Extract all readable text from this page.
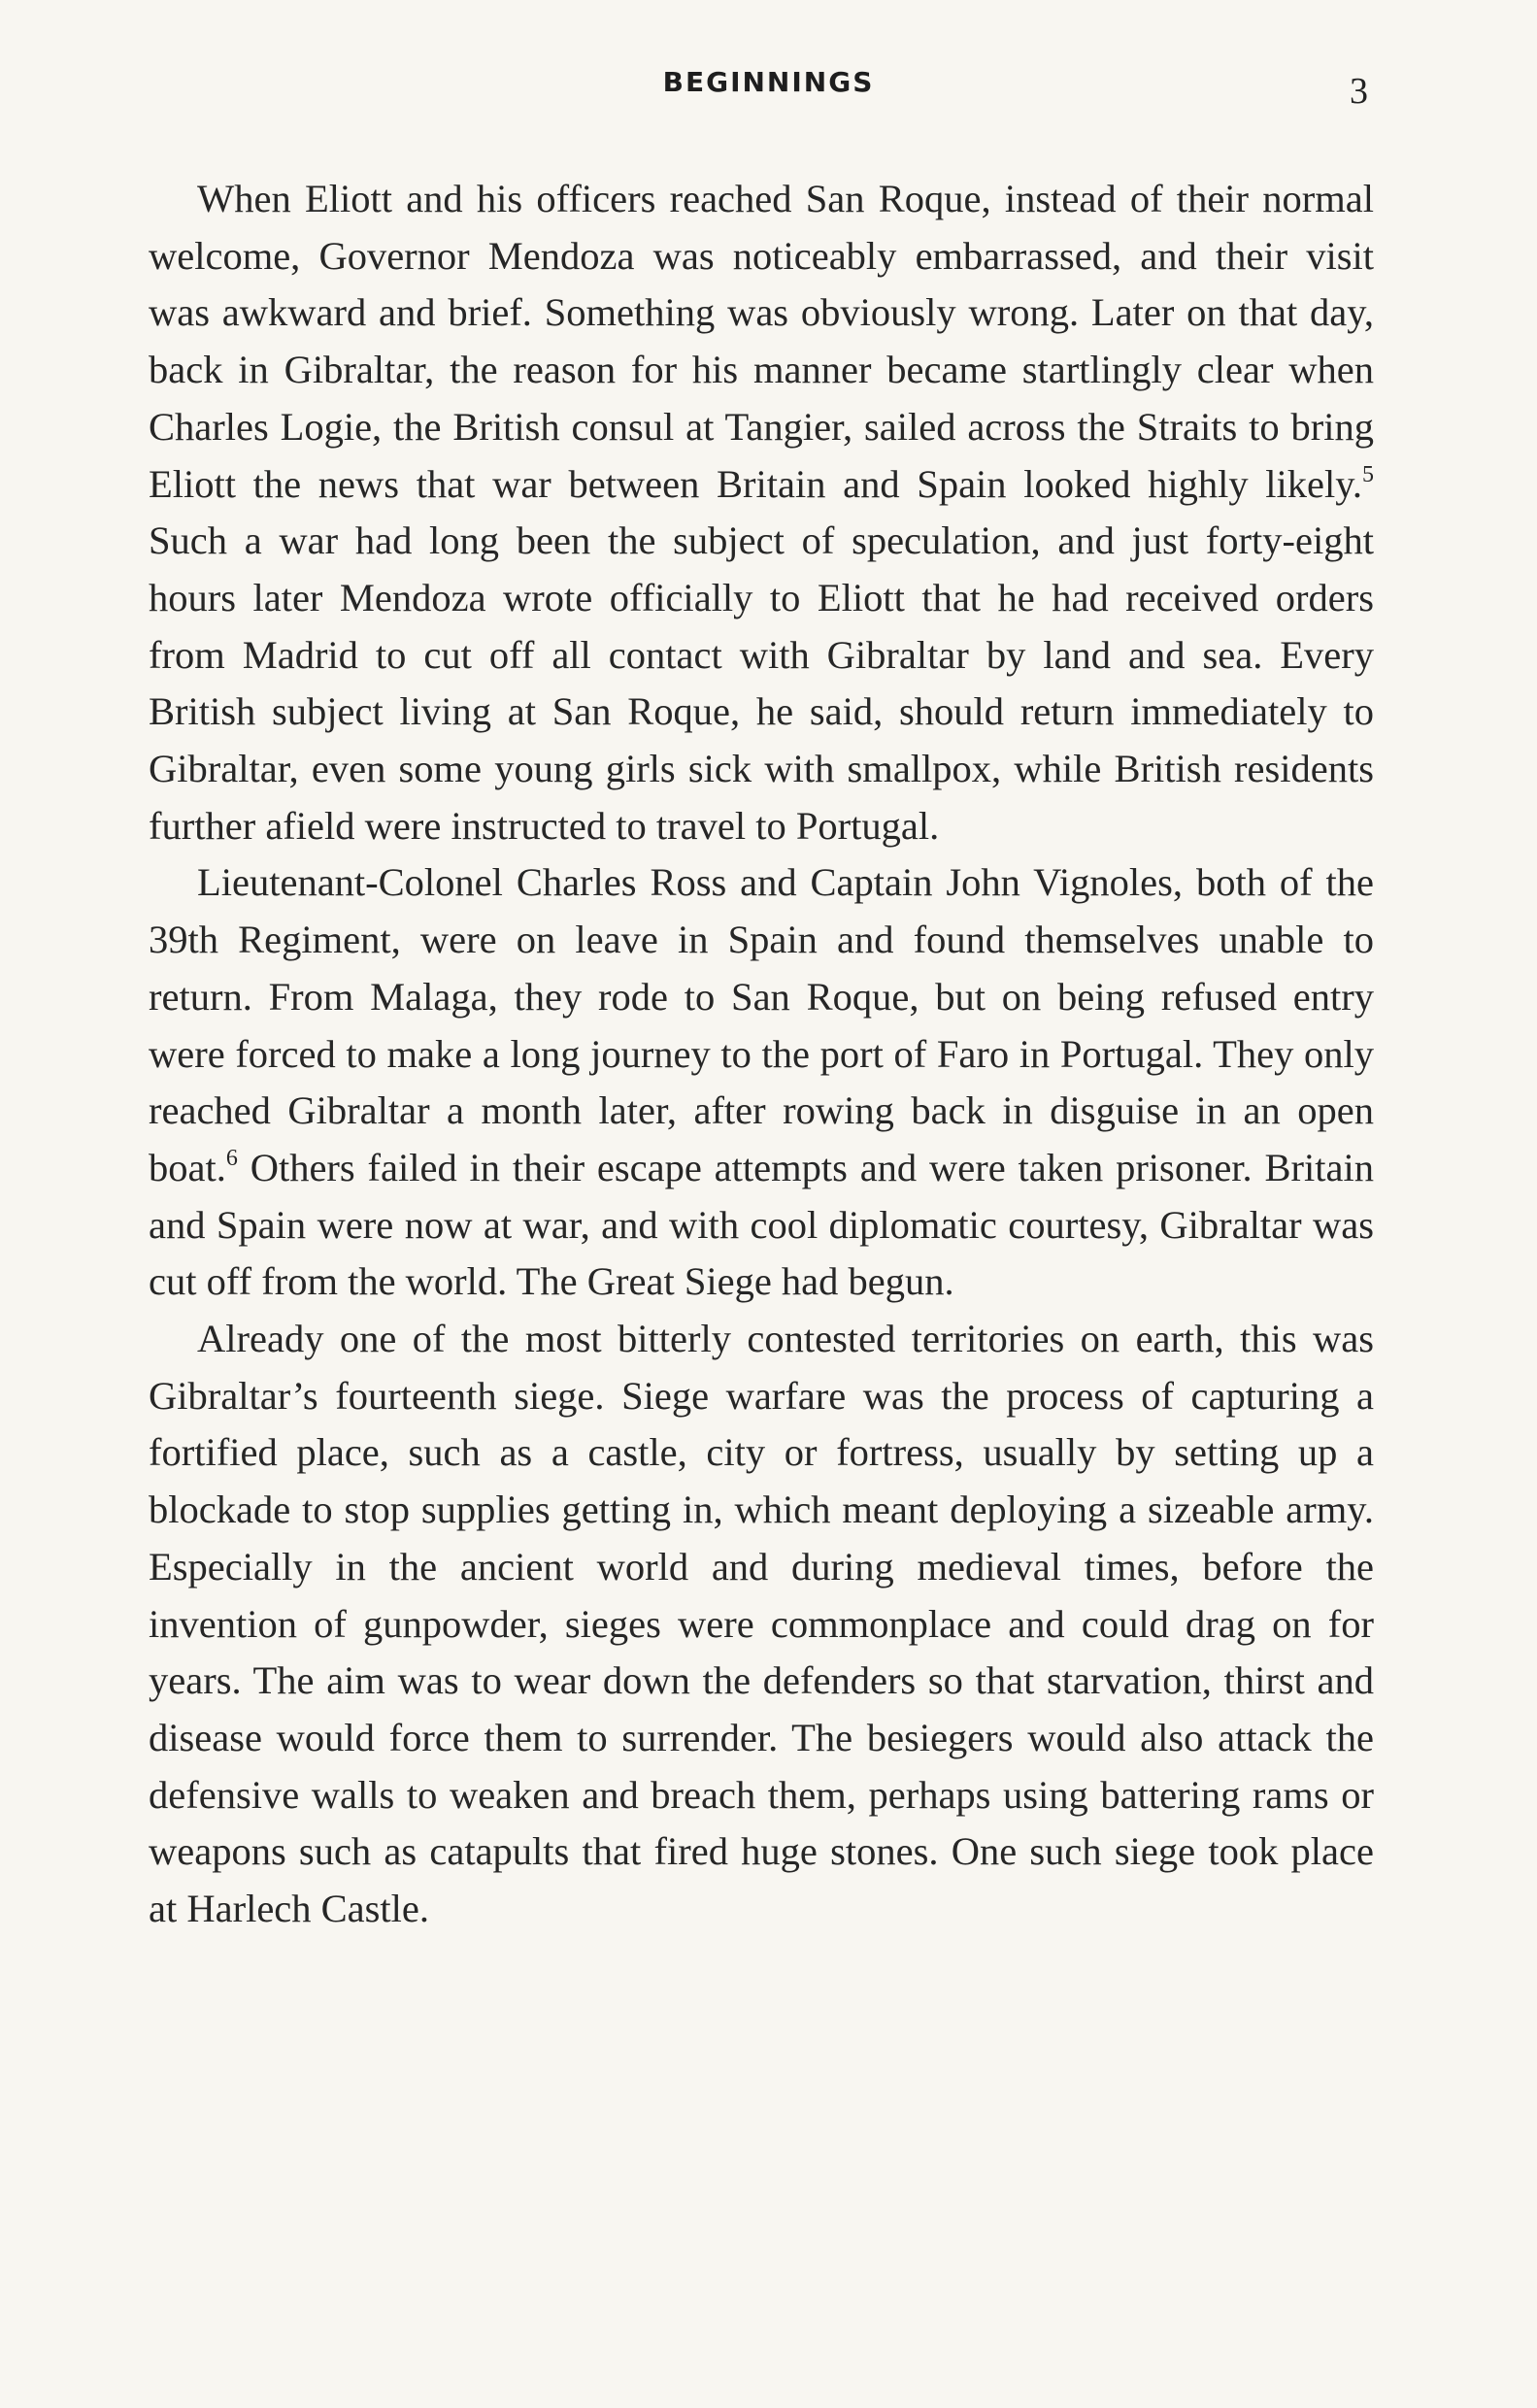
BEGINNINGS	3

When Eliott and his officers reached San Roque, instead of their normal welcome, Governor Mendoza was noticeably embarrassed, and their visit was awkward and brief. Something was obviously wrong. Later on that day, back in Gibraltar, the reason for his manner became startlingly clear when Charles Logie, the British consul at Tangier, sailed across the Straits to bring Eliott the news that war between Britain and Spain looked highly likely.$^5$ Such a war had long been the subject of speculation, and just forty-eight hours later Mendoza wrote officially to Eliott that he had received orders from Madrid to cut off all contact with Gibraltar by land and sea. Every British subject living at San Roque, he said, should return immediately to Gibraltar, even some young girls sick with smallpox, while British residents further afield were instructed to travel to Portugal.

Lieutenant-Colonel Charles Ross and Captain John Vignoles, both of the 39th Regiment, were on leave in Spain and found themselves unable to return. From Malaga, they rode to San Roque, but on being refused entry were forced to make a long journey to the port of Faro in Portugal. They only reached Gibraltar a month later, after rowing back in disguise in an open boat.$^6$ Others failed in their escape attempts and were taken prisoner. Britain and Spain were now at war, and with cool diplomatic courtesy, Gibraltar was cut off from the world. The Great Siege had begun.

Already one of the most bitterly contested territories on earth, this was Gibraltar’s fourteenth siege. Siege warfare was the process of capturing a fortified place, such as a castle, city or fortress, usually by setting up a blockade to stop supplies getting in, which meant deploying a sizeable army. Especially in the ancient world and during medieval times, before the invention of gunpowder, sieges were commonplace and could drag on for years. The aim was to wear down the defenders so that starvation, thirst and disease would force them to surrender. The besiegers would also attack the defensive walls to weaken and breach them, perhaps using battering rams or weapons such as catapults that fired huge stones. One such siege took place at Harlech Castle.
